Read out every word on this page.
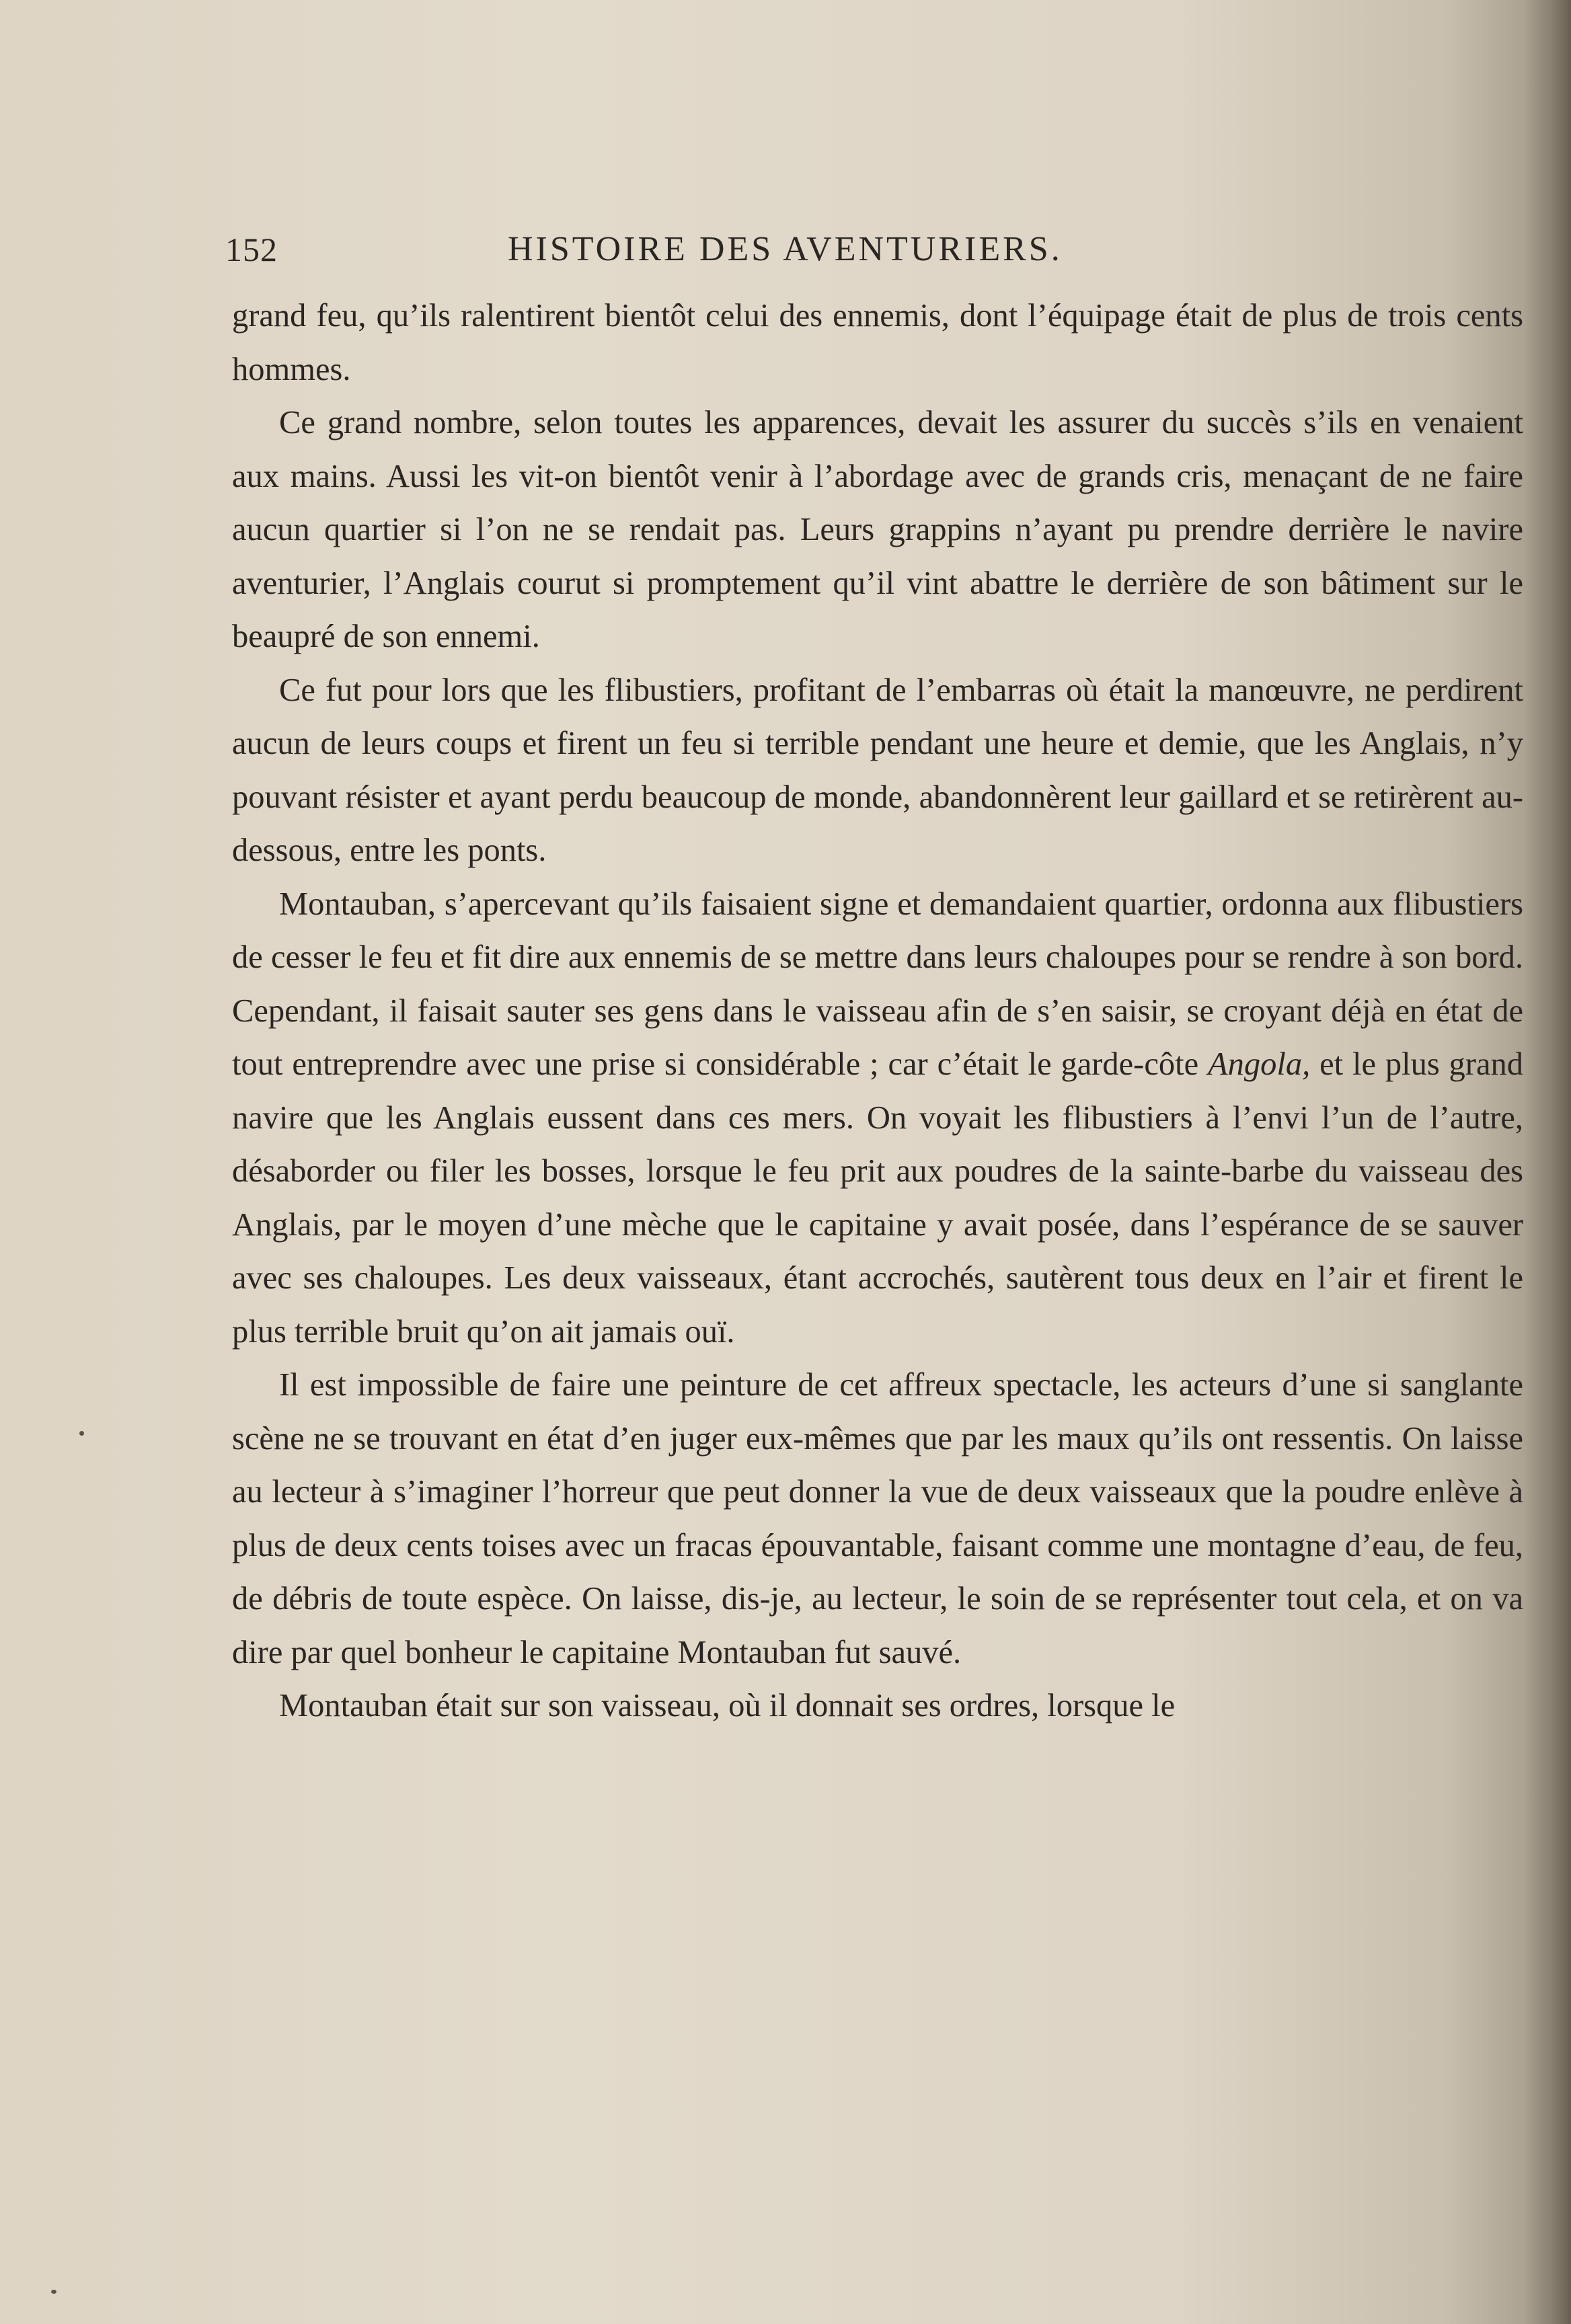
152	HISTOIRE DES AVENTURIERS.

grand feu, qu’ils ralentirent bientôt celui des ennemis, dont l’équipage était de plus de trois cents hommes.

Ce grand nombre, selon toutes les apparences, devait les assurer du succès s’ils en venaient aux mains. Aussi les vit-on bientôt venir à l’abordage avec de grands cris, menaçant de ne faire aucun quartier si l’on ne se rendait pas. Leurs grappins n’ayant pu prendre derrière le navire aventurier, l’Anglais courut si promptement qu’il vint abattre le derrière de son bâtiment sur le beaupré de son ennemi.

Ce fut pour lors que les flibustiers, profitant de l’embarras où était la manœuvre, ne perdirent aucun de leurs coups et firent un feu si terrible pendant une heure et demie, que les Anglais, n’y pouvant résister et ayant perdu beaucoup de monde, abandonnèrent leur gaillard et se retirèrent au-dessous, entre les ponts.

Montauban, s’apercevant qu’ils faisaient signe et demandaient quartier, ordonna aux flibustiers de cesser le feu et fit dire aux ennemis de se mettre dans leurs chaloupes pour se rendre à son bord. Cependant, il faisait sauter ses gens dans le vaisseau afin de s’en saisir, se croyant déjà en état de tout entreprendre avec une prise si considérable ; car c’était le garde-côte Angola, et le plus grand navire que les Anglais eussent dans ces mers. On voyait les flibustiers à l’envi l’un de l’autre, désaborder ou filer les bosses, lorsque le feu prit aux poudres de la sainte-barbe du vaisseau des Anglais, par le moyen d’une mèche que le capitaine y avait posée, dans l’espérance de se sauver avec ses chaloupes. Les deux vaisseaux, étant accrochés, sautèrent tous deux en l’air et firent le plus terrible bruit qu’on ait jamais ouï.

Il est impossible de faire une peinture de cet affreux spectacle, les acteurs d’une si sanglante scène ne se trouvant en état d’en juger eux-mêmes que par les maux qu’ils ont ressentis. On laisse au lecteur à s’imaginer l’horreur que peut donner la vue de deux vaisseaux que la poudre enlève à plus de deux cents toises avec un fracas épouvantable, faisant comme une montagne d’eau, de feu, de débris de toute espèce. On laisse, dis-je, au lecteur, le soin de se représenter tout cela, et on va dire par quel bonheur le capitaine Montauban fut sauvé.

Montauban était sur son vaisseau, où il donnait ses ordres, lorsque le
